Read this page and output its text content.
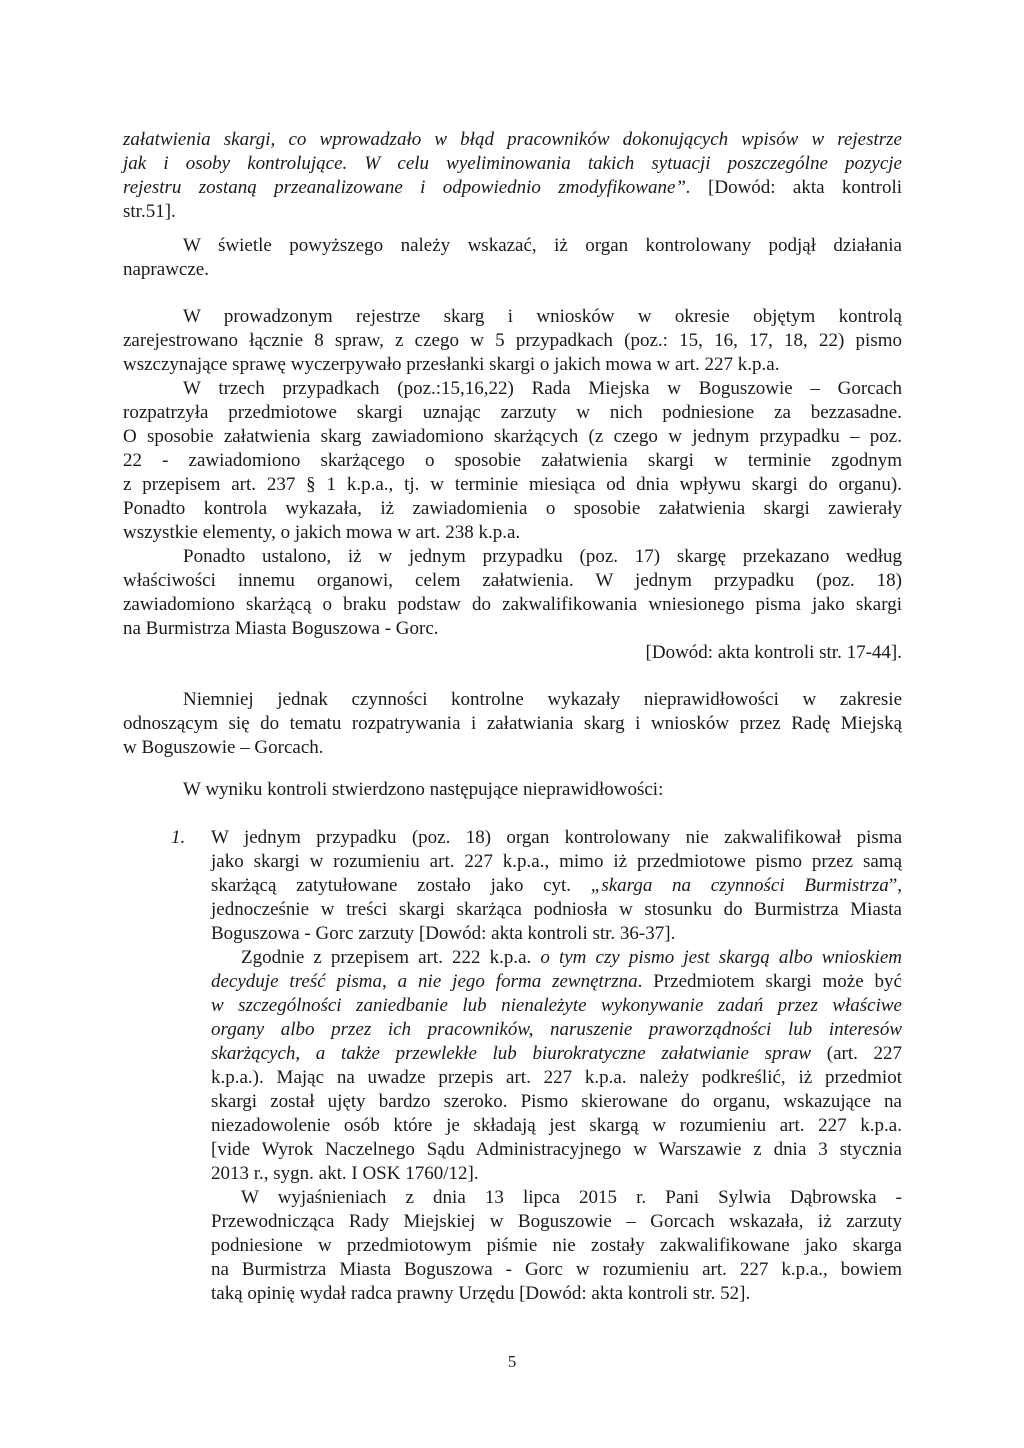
załatwienia skargi, co wprowadzało w błąd pracowników dokonujących wpisów w rejestrze
jak i osoby kontrolujące. W celu wyeliminowania takich sytuacji poszczególne pozycje
rejestru zostaną przeanalizowane i odpowiednio zmodyfikowane”. [Dowód: akta kontroli
str.51].
W świetle powyższego należy wskazać, iż organ kontrolowany podjął działania
naprawcze.
W prowadzonym rejestrze skarg i wniosków w okresie objętym kontrolą
zarejestrowano łącznie 8 spraw, z czego w 5 przypadkach (poz.: 15, 16, 17, 18, 22) pismo
wszczynające sprawę wyczerpywało przesłanki skargi o jakich mowa w art. 227 k.p.a.
W trzech przypadkach (poz.:15,16,22) Rada Miejska w Boguszowie – Gorcach
rozpatrzyła przedmiotowe skargi uznając zarzuty w nich podniesione za bezzasadne.
O sposobie załatwienia skarg zawiadomiono skarżących (z czego w jednym przypadku – poz.
22 - zawiadomiono skarżącego o sposobie załatwienia skargi w terminie zgodnym
z przepisem art. 237 § 1 k.p.a., tj. w terminie miesiąca od dnia wpływu skargi do organu).
Ponadto kontrola wykazała, iż zawiadomienia o sposobie załatwienia skargi zawierały
wszystkie elementy, o jakich mowa w art. 238 k.p.a.
Ponadto ustalono, iż w jednym przypadku (poz. 17) skargę przekazano według
właściwości innemu organowi, celem załatwienia. W jednym przypadku (poz. 18)
zawiadomiono skarżącą o braku podstaw do zakwalifikowania wniesionego pisma jako skargi
na Burmistrza Miasta Boguszowa - Gorc.
[Dowód: akta kontroli str. 17-44].
Niemniej jednak czynności kontrolne wykazały nieprawidłowości w zakresie
odnoszącym się do tematu rozpatrywania i załatwiania skarg i wniosków przez Radę Miejską
w Boguszowie – Gorcach.
W wyniku kontroli stwierdzono następujące nieprawidłowości:
1. W jednym przypadku (poz. 18) organ kontrolowany nie zakwalifikował pisma
jako skargi w rozumieniu art. 227 k.p.a., mimo iż przedmiotowe pismo przez samą
skarżącą zatytułowane zostało jako cyt. „skarga na czynności Burmistrza”,
jednocześnie w treści skargi skarżąca podniosła w stosunku do Burmistrza Miasta
Boguszowa - Gorc zarzuty [Dowód: akta kontroli str. 36-37].
Zgodnie z przepisem art. 222 k.p.a. o tym czy pismo jest skargą albo wnioskiem
decyduje treść pisma, a nie jego forma zewnętrzna. Przedmiotem skargi może być
w szczególności zaniedbanie lub nienależyte wykonywanie zadań przez właściwe
organy albo przez ich pracowników, naruszenie praworządności lub interesów
skarżących, a także przewlekłe lub biurokratyczne załatwianie spraw (art. 227
k.p.a.). Mając na uwadze przepis art. 227 k.p.a. należy podkreślić, iż przedmiot
skargi został ujęty bardzo szeroko. Pismo skierowane do organu, wskazujące na
niezadowolenie osób które je składają jest skargą w rozumieniu art. 227 k.p.a.
[vide Wyrok Naczelnego Sądu Administracyjnego w Warszawie z dnia 3 stycznia
2013 r., sygn. akt. I OSK 1760/12].
W wyjaśnieniach z dnia 13 lipca 2015 r. Pani Sylwia Dąbrowska -
Przewodnicząca Rady Miejskiej w Boguszowie – Gorcach wskazała, iż zarzuty
podniesione w przedmiotowym piśmie nie zostały zakwalifikowane jako skarga
na Burmistrza Miasta Boguszowa - Gorc w rozumieniu art. 227 k.p.a., bowiem
taką opinię wydał radca prawny Urzędu [Dowód: akta kontroli str. 52].
5
